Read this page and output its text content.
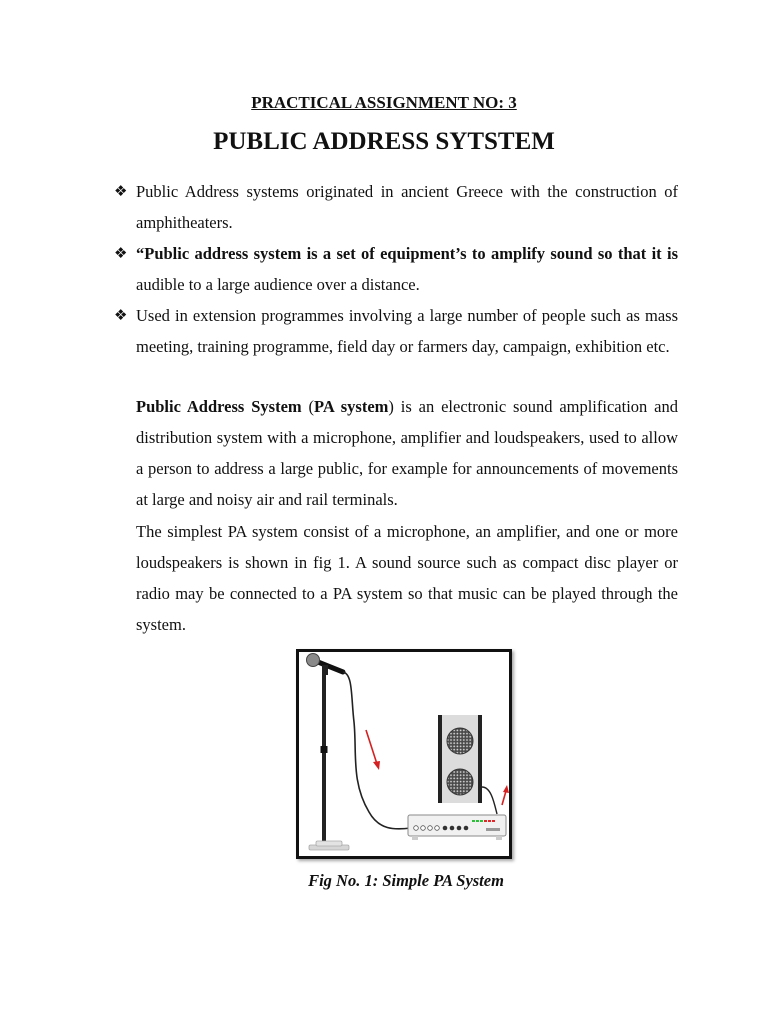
PRACTICAL ASSIGNMENT NO: 3
PUBLIC ADDRESS SYTSTEM
❖ Public Address systems originated in ancient Greece with the construction of amphitheaters.
❖ “Public address system is a set of equipment’s to amplify sound so that it is audible to a large audience over a distance.
❖ Used in extension programmes involving a large number of people such as mass meeting, training programme, field day or farmers day, campaign, exhibition etc.
Public Address System (PA system) is an electronic sound amplification and distribution system with a microphone, amplifier and loudspeakers, used to allow a person to address a large public, for example for announcements of movements at large and noisy air and rail terminals.
The simplest PA system consist of a microphone, an amplifier, and one or more loudspeakers is shown in fig 1. A sound source such as compact disc player or radio may be connected to a PA system so that music can be played through the system.
Fig No. 1: Simple PA System
